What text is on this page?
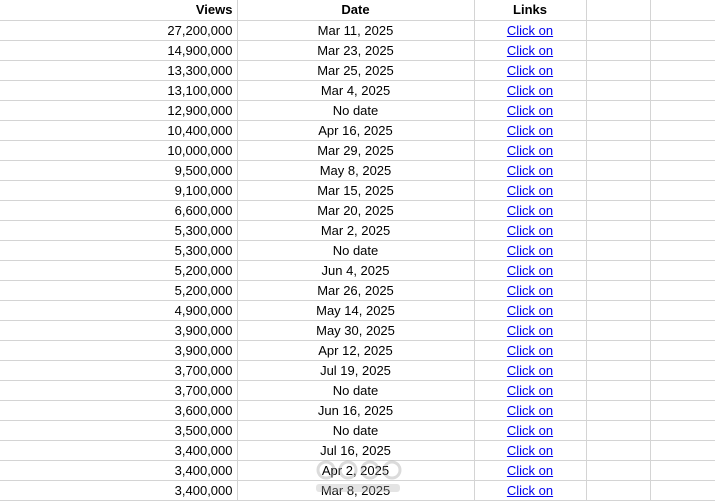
Views	Date	Links		
27,200,000	Mar 11, 2025	Click on		
14,900,000	Mar 23, 2025	Click on		
13,300,000	Mar 25, 2025	Click on		
13,100,000	Mar 4, 2025	Click on		
12,900,000	No date	Click on		
10,400,000	Apr 16, 2025	Click on		
10,000,000	Mar 29, 2025	Click on		
9,500,000	May 8, 2025	Click on		
9,100,000	Mar 15, 2025	Click on		
6,600,000	Mar 20, 2025	Click on		
5,300,000	Mar 2, 2025	Click on		
5,300,000	No date	Click on		
5,200,000	Jun 4, 2025	Click on		
5,200,000	Mar 26, 2025	Click on		
4,900,000	May 14, 2025	Click on		
3,900,000	May 30, 2025	Click on		
3,900,000	Apr 12, 2025	Click on		
3,700,000	Jul 19, 2025	Click on		
3,700,000	No date	Click on		
3,600,000	Jun 16, 2025	Click on		
3,500,000	No date	Click on		
3,400,000	Jul 16, 2025	Click on		
3,400,000	Apr 2, 2025	Click on		
3,400,000	Mar 8, 2025	Click on		
